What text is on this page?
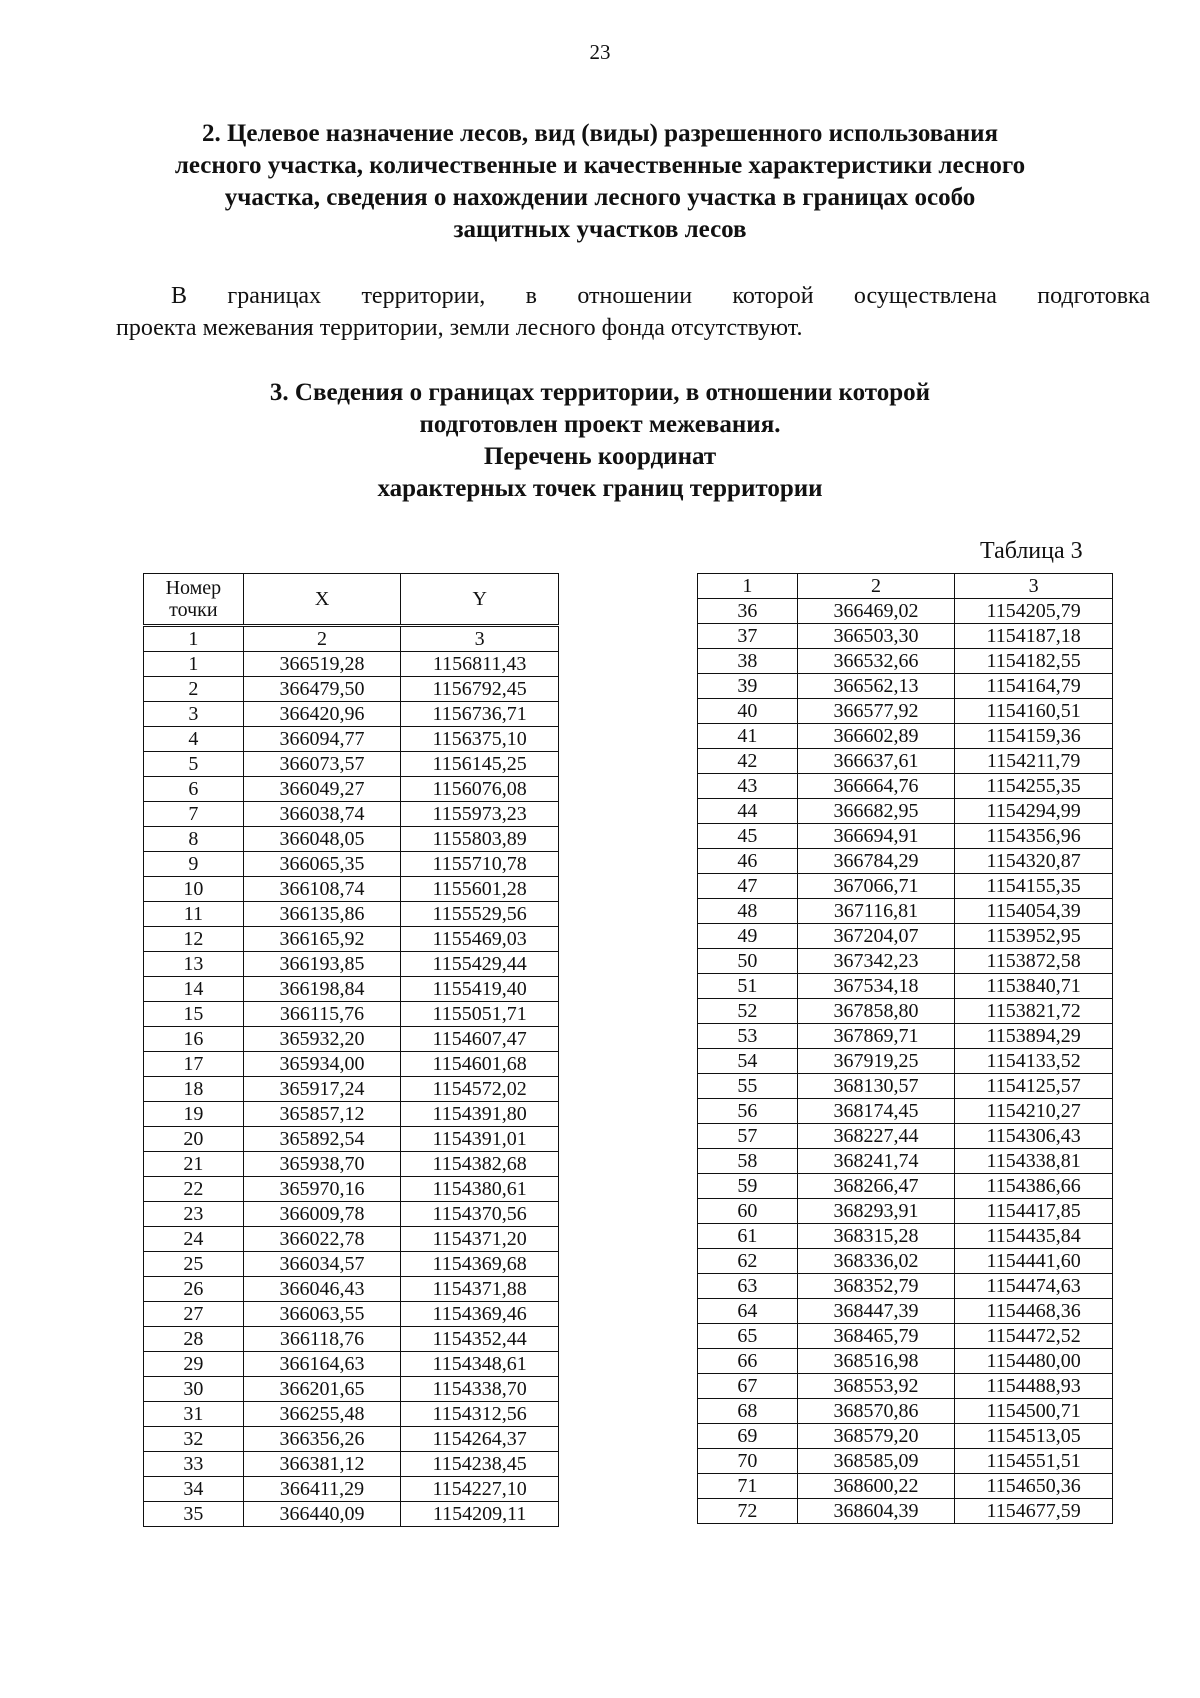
23
2. Целевое назначение лесов, вид (виды) разрешенного использования
лесного участка, количественные и качественные характеристики лесного
участка, сведения о нахождении лесного участка в границах особо
защитных участков лесов
В границах территории, в отношении которой осуществлена подготовка
проекта межевания территории, земли лесного фонда отсутствуют.
3. Сведения о границах территории, в отношении которой
подготовлен проект межевания.
Перечень координат
характерных точек границ территории
Таблица 3
Номер точки	X	Y
1	2	3
1	366519,28	1156811,43
2	366479,50	1156792,45
3	366420,96	1156736,71
4	366094,77	1156375,10
5	366073,57	1156145,25
6	366049,27	1156076,08
7	366038,74	1155973,23
8	366048,05	1155803,89
9	366065,35	1155710,78
10	366108,74	1155601,28
11	366135,86	1155529,56
12	366165,92	1155469,03
13	366193,85	1155429,44
14	366198,84	1155419,40
15	366115,76	1155051,71
16	365932,20	1154607,47
17	365934,00	1154601,68
18	365917,24	1154572,02
19	365857,12	1154391,80
20	365892,54	1154391,01
21	365938,70	1154382,68
22	365970,16	1154380,61
23	366009,78	1154370,56
24	366022,78	1154371,20
25	366034,57	1154369,68
26	366046,43	1154371,88
27	366063,55	1154369,46
28	366118,76	1154352,44
29	366164,63	1154348,61
30	366201,65	1154338,70
31	366255,48	1154312,56
32	366356,26	1154264,37
33	366381,12	1154238,45
34	366411,29	1154227,10
35	366440,09	1154209,11
1	2	3
36	366469,02	1154205,79
37	366503,30	1154187,18
38	366532,66	1154182,55
39	366562,13	1154164,79
40	366577,92	1154160,51
41	366602,89	1154159,36
42	366637,61	1154211,79
43	366664,76	1154255,35
44	366682,95	1154294,99
45	366694,91	1154356,96
46	366784,29	1154320,87
47	367066,71	1154155,35
48	367116,81	1154054,39
49	367204,07	1153952,95
50	367342,23	1153872,58
51	367534,18	1153840,71
52	367858,80	1153821,72
53	367869,71	1153894,29
54	367919,25	1154133,52
55	368130,57	1154125,57
56	368174,45	1154210,27
57	368227,44	1154306,43
58	368241,74	1154338,81
59	368266,47	1154386,66
60	368293,91	1154417,85
61	368315,28	1154435,84
62	368336,02	1154441,60
63	368352,79	1154474,63
64	368447,39	1154468,36
65	368465,79	1154472,52
66	368516,98	1154480,00
67	368553,92	1154488,93
68	368570,86	1154500,71
69	368579,20	1154513,05
70	368585,09	1154551,51
71	368600,22	1154650,36
72	368604,39	1154677,59
